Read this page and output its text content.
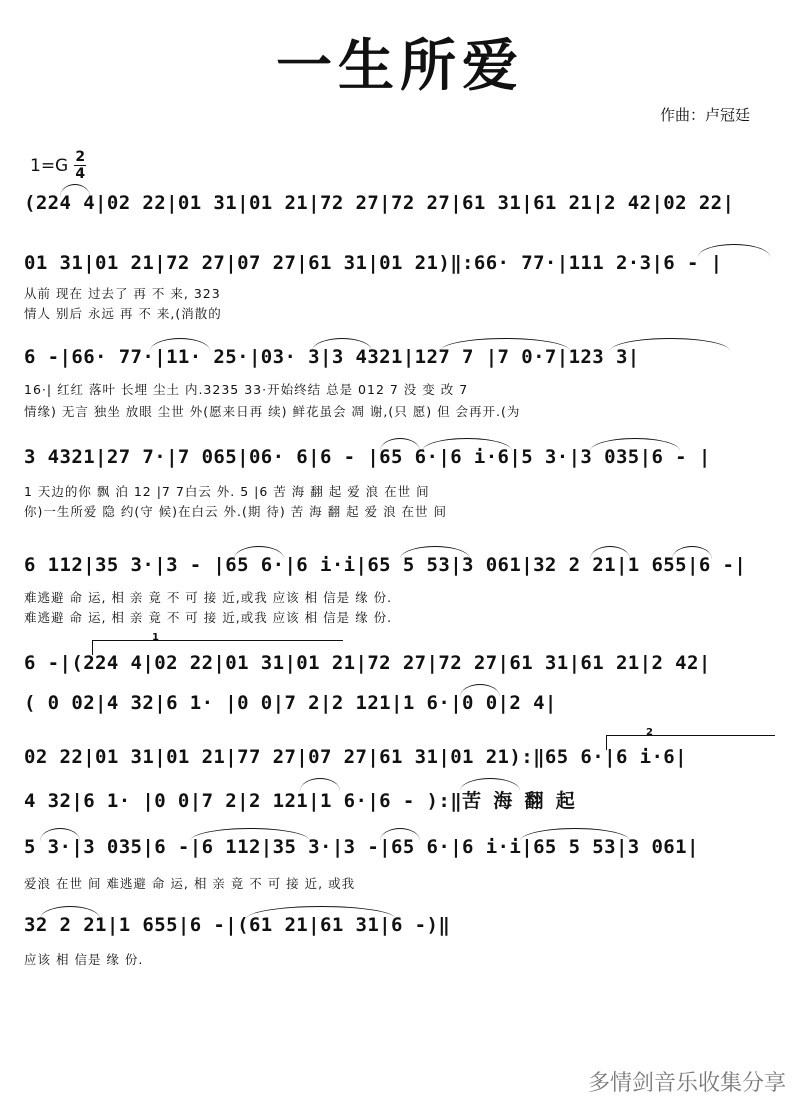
一生所爱
作曲：卢冠廷
1=G 2
4
(224 4|02 22|01 31|01 21|72 27|72 27|61 31|61 21|2 42|02 22|
01 31|01 21|72 27|07 27|61 31|01 21)‖:66· 77·|111 2·3|6 - |
从前 现在 过去了 再 不 来, 323
情人 别后 永远 再 不 来,(消散的
6 -|66· 77·|11· 25·|03· 3|3 4321|127 7 |7 0·7|123 3|
16·| 红红 落叶 长埋 尘土 内.3235 33·开始终结 总是 012 7 没 变 改 7
情缘) 无言 独坐 放眼 尘世 外(愿来日再 续) 鲜花虽会 凋 谢,(只 愿) 但 会再开.(为
3 4321|27 7·|7 065|06· 6|6 - |65 6·|6 i·6|5 3·|3 035|6 - |
1 天边的你 飘 泊 12 |7 7白云 外. 5 |6 苦 海 翻 起 爱 浪 在世 间
你)一生所爱 隐 约(守 候)在白云 外.(期 待) 苦 海 翻 起 爱 浪 在世 间
6 112|35 3·|3 - |65 6·|6 i·i|65 5 53|3 061|32 2 21|1 655|6 -|
难逃避 命 运, 相 亲 竟 不 可 接 近,或我 应该 相 信是 缘 份.
难逃避 命 运, 相 亲 竟 不 可 接 近,或我 应该 相 信是 缘 份.
1
6 -|(224 4|02 22|01 31|01 21|72 27|72 27|61 31|61 21|2 42|
( 0 02|4 32|6 1· |0 0|7 2|2 121|1 6·|0 0|2 4|
2
02 22|01 31|01 21|77 27|07 27|61 31|01 21):‖65 6·|6 i·6|
4 32|6 1· |0 0|7 2|2 121|1 6·|6 - ):‖苦 海 翻 起
5 3·|3 035|6 -|6 112|35 3·|3 -|65 6·|6 i·i|65 5 53|3 061|
爱浪 在世 间 难逃避 命 运, 相 亲 竟 不 可 接 近, 或我
32 2 21|1 655|6 -|(61 21|61 31|6 -)‖
应该 相 信是 缘 份.
多情剑音乐收集分享
